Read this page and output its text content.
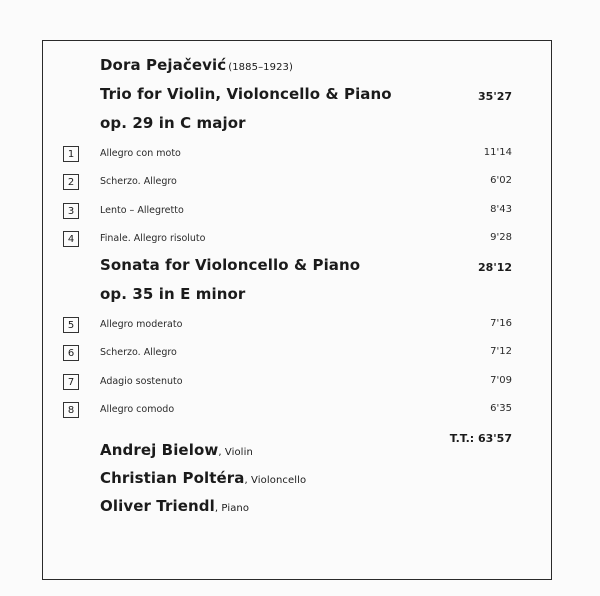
Dora Pejačević (1885–1923)
Trio for Violin, Violoncello & Piano	35'27
op. 29 in C major
1	Allegro con moto	11'14
2	Scherzo. Allegro	6'02
3	Lento – Allegretto	8'43
4	Finale. Allegro risoluto	9'28
Sonata for Violoncello & Piano	28'12
op. 35 in E minor
5	Allegro moderato	7'16
6	Scherzo. Allegro	7'12
7	Adagio sostenuto	7'09
8	Allegro comodo	6'35
T.T.: 63'57
Andrej Bielow, Violin
Christian Poltéra, Violoncello
Oliver Triendl, Piano
